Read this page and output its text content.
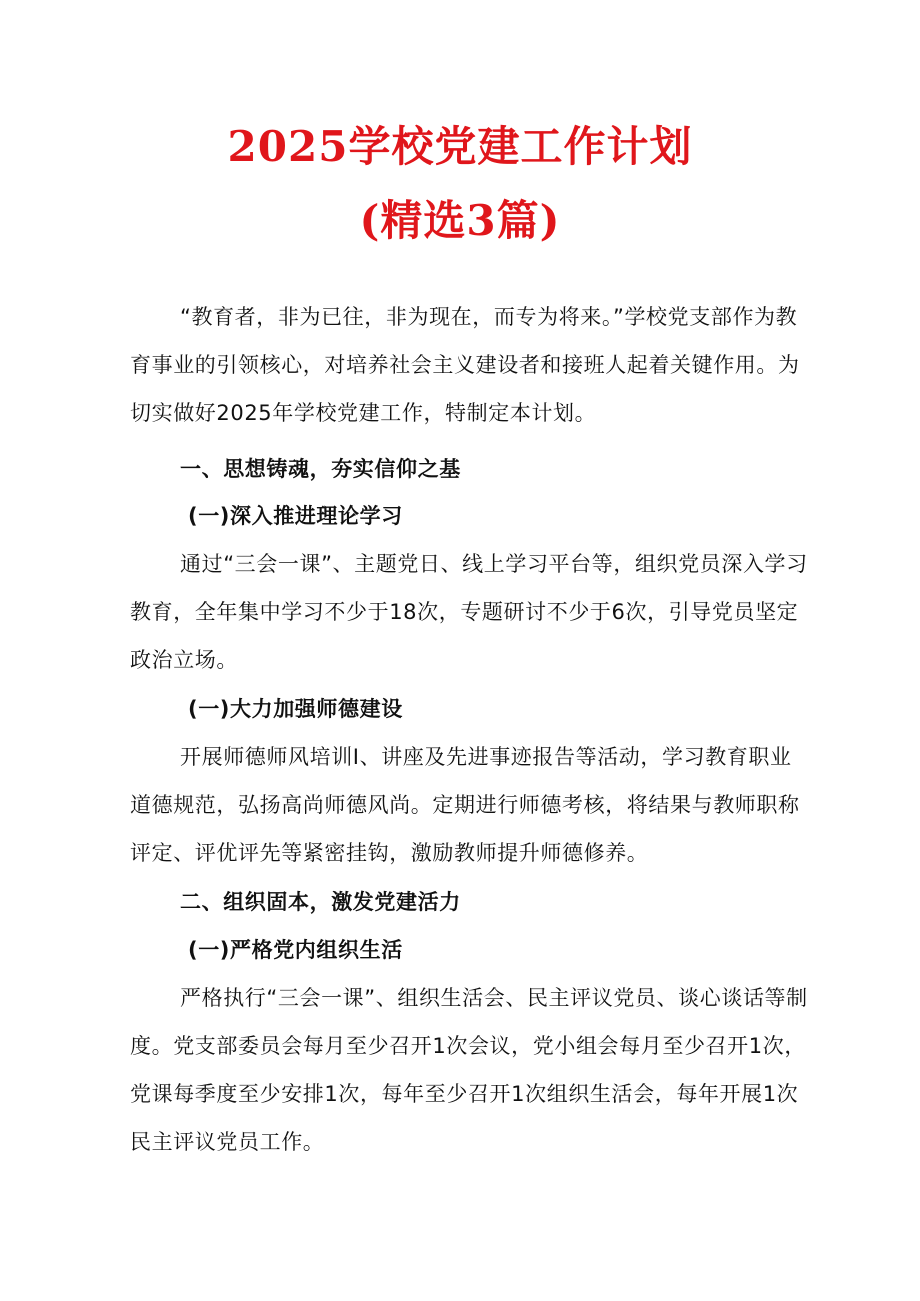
2025学校党建工作计划
(精选3篇)

“教育者，非为已往，非为现在，而专为将来。”学校党支部作为教育事业的引领核心，对培养社会主义建设者和接班人起着关键作用。为切实做好2025年学校党建工作，特制定本计划。

一、思想铸魂，夯实信仰之基
(一)深入推进理论学习

通过“三会一课”、主题党日、线上学习平台等，组织党员深入学习教育，全年集中学习不少于18次，专题研讨不少于6次，引导党员坚定政治立场。

(一)大力加强师德建设

开展师德师风培训I、讲座及先进事迹报告等活动，学习教育职业道德规范，弘扬高尚师德风尚。定期进行师德考核，将结果与教师职称评定、评优评先等紧密挂钩，激励教师提升师德修养。

二、组织固本，激发党建活力
(一)严格党内组织生活

严格执行“三会一课”、组织生活会、民主评议党员、谈心谈话等制度。党支部委员会每月至少召开1次会议，党小组会每月至少召开1次，党课每季度至少安排1次，每年至少召开1次组织生活会，每年开展1次民主评议党员工作。
